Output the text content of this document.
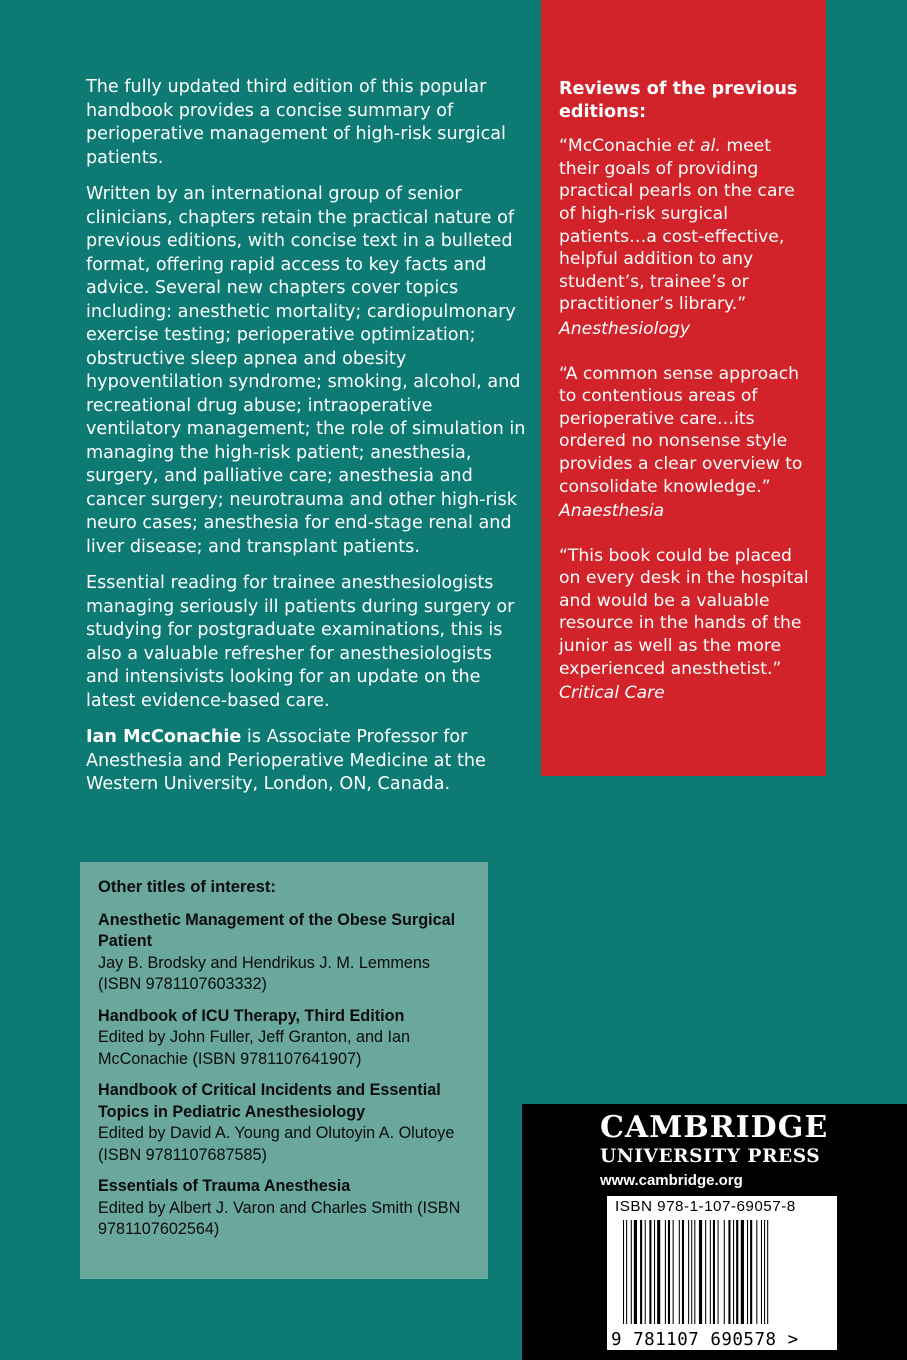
The fully updated third edition of this popular handbook provides a concise summary of perioperative management of high-risk surgical patients.

Written by an international group of senior clinicians, chapters retain the practical nature of previous editions, with concise text in a bulleted format, offering rapid access to key facts and advice. Several new chapters cover topics including: anesthetic mortality; cardiopulmonary exercise testing; perioperative optimization; obstructive sleep apnea and obesity hypoventilation syndrome; smoking, alcohol, and recreational drug abuse; intraoperative ventilatory management; the role of simulation in managing the high-risk patient; anesthesia, surgery, and palliative care; anesthesia and cancer surgery; neurotrauma and other high-risk neuro cases; anesthesia for end-stage renal and liver disease; and transplant patients.

Essential reading for trainee anesthesiologists managing seriously ill patients during surgery or studying for postgraduate examinations, this is also a valuable refresher for anesthesiologists and intensivists looking for an update on the latest evidence-based care.

Ian McConachie is Associate Professor for Anesthesia and Perioperative Medicine at the Western University, London, ON, Canada.

Reviews of the previous editions:
“McConachie et al. meet their goals of providing practical pearls on the care of high-risk surgical patients…a cost-effective, helpful addition to any student’s, trainee’s or practitioner’s library.”
Anesthesiology
“A common sense approach to contentious areas of perioperative care…its ordered no nonsense style provides a clear overview to consolidate knowledge.”
Anaesthesia
“This book could be placed on every desk in the hospital and would be a valuable resource in the hands of the junior as well as the more experienced anesthetist.”
Critical Care
Other titles of interest:
Anesthetic Management of the Obese Surgical Patient
Jay B. Brodsky and Hendrikus J. M. Lemmens (ISBN 9781107603332)
Handbook of ICU Therapy, Third Edition
Edited by John Fuller, Jeff Granton, and Ian McConachie (ISBN 9781107641907)
Handbook of Critical Incidents and Essential Topics in Pediatric Anesthesiology
Edited by David A. Young and Olutoyin A. Olutoye (ISBN 9781107687585)
Essentials of Trauma Anesthesia
Edited by Albert J. Varon and Charles Smith (ISBN 9781107602564)
CAMBRIDGE
UNIVERSITY PRESS
www.cambridge.org
ISBN 978-1-107-69057-8
9 781107 690578 >
